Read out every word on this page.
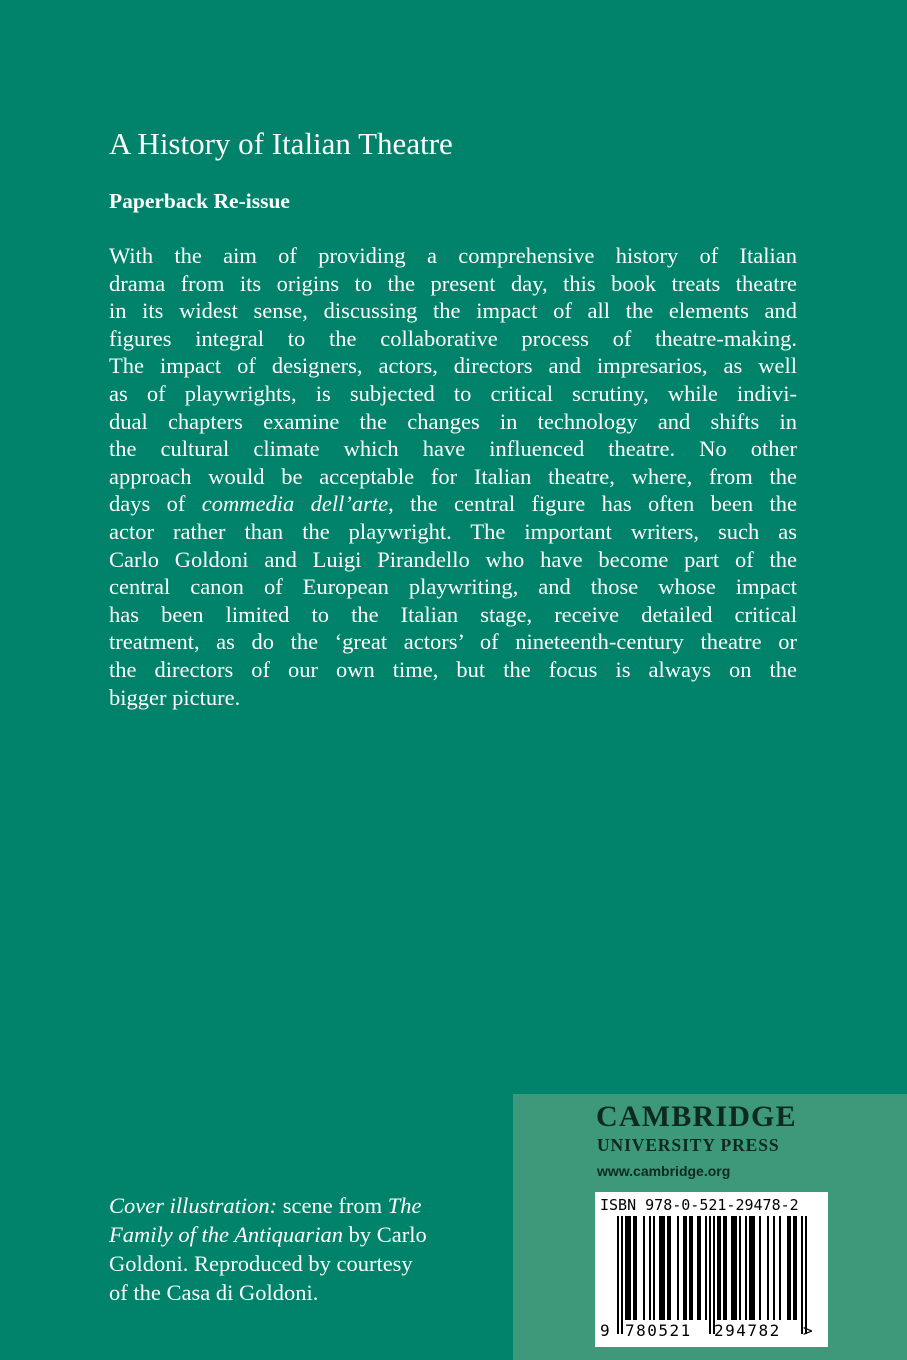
A History of Italian Theatre
Paperback Re-issue
With the aim of providing a comprehensive history of Italian
drama from its origins to the present day, this book treats theatre
in its widest sense, discussing the impact of all the elements and
figures integral to the collaborative process of theatre-making.
The impact of designers, actors, directors and impresarios, as well
as of playwrights, is subjected to critical scrutiny, while indivi-
dual chapters examine the changes in technology and shifts in
the cultural climate which have influenced theatre. No other
approach would be acceptable for Italian theatre, where, from the
days of commedia dell’arte, the central figure has often been the
actor rather than the playwright. The important writers, such as
Carlo Goldoni and Luigi Pirandello who have become part of the
central canon of European playwriting, and those whose impact
has been limited to the Italian stage, receive detailed critical
treatment, as do the ‘great actors’ of nineteenth-century theatre or
the directors of our own time, but the focus is always on the
bigger picture.
Cover illustration: scene from The
Family of the Antiquarian by Carlo
Goldoni. Reproduced by courtesy
of the Casa di Goldoni.

CAMBRIDGE

UNIVERSITY PRESS

www.cambridge.org

ISBN 978-0-521-29478-2

9 780521 294782 >
